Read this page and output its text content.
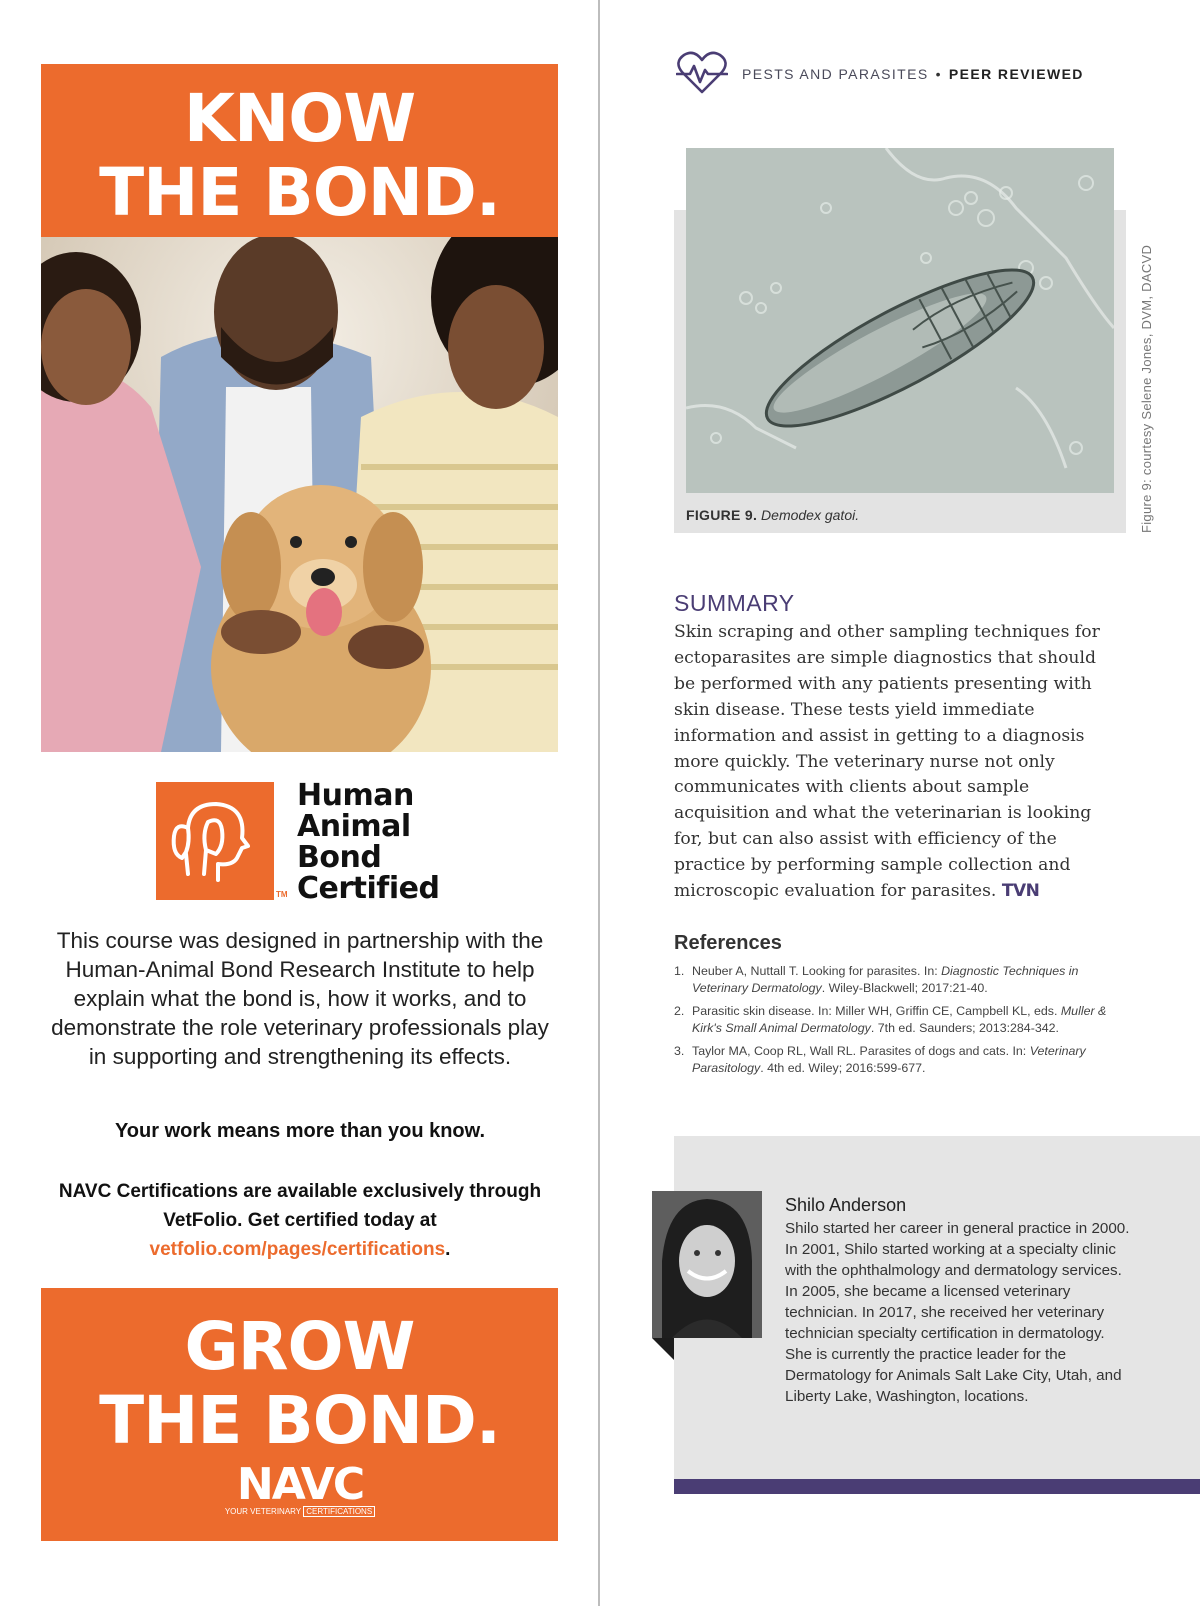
KNOW
THE BOND.
TM
Human
Animal
Bond
Certified
This course was designed in partnership with the Human-Animal Bond Research Institute to help explain what the bond is, how it works, and to demonstrate the role veterinary professionals play in supporting and strengthening its effects.
Your work means more than you know.
NAVC Certifications are available exclusively through VetFolio. Get certified today at vetfolio.com/pages/certifications.
GROW
THE BOND.
NAVC
YOUR VETERINARY CERTIFICATIONS
PESTS AND PARASITES • PEER REVIEWED
FIGURE 9. Demodex gatoi.	Figure 9: courtesy Selene Jones, DVM, DACVD
SUMMARY
Skin scraping and other sampling techniques for ectoparasites are simple diagnostics that should be performed with any patients presenting with skin disease. These tests yield immediate information and assist in getting to a diagnosis more quickly. The veterinary nurse not only communicates with clients about sample acquisition and what the veterinarian is looking for, but can also assist with efficiency of the practice by performing sample collection and microscopic evaluation for parasites. TVN
References
1. Neuber A, Nuttall T. Looking for parasites. In: Diagnostic Techniques in Veterinary Dermatology. Wiley-Blackwell; 2017:21-40.
2. Parasitic skin disease. In: Miller WH, Griffin CE, Campbell KL, eds. Muller & Kirk's Small Animal Dermatology. 7th ed. Saunders; 2013:284-342.
3. Taylor MA, Coop RL, Wall RL. Parasites of dogs and cats. In: Veterinary Parasitology. 4th ed. Wiley; 2016:599-677.
Shilo Anderson
Shilo started her career in general practice in 2000. In 2001, Shilo started working at a specialty clinic with the ophthalmology and dermatology services. In 2005, she became a licensed veterinary technician. In 2017, she received her veterinary technician specialty certification in dermatology. She is currently the practice leader for the Dermatology for Animals Salt Lake City, Utah, and Liberty Lake, Washington, locations.
